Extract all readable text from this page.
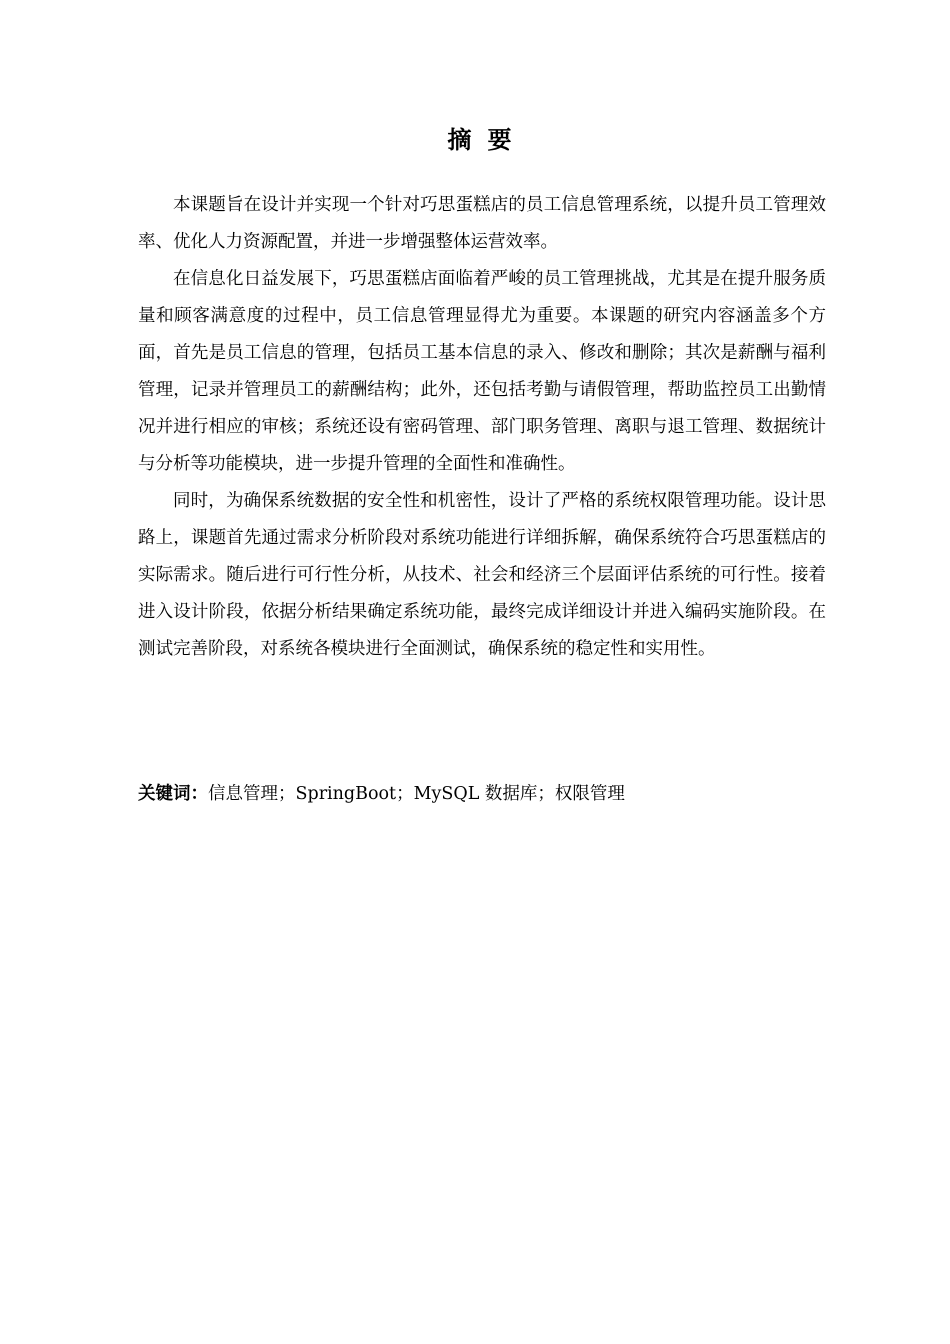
摘要

本课题旨在设计并实现一个针对巧思蛋糕店的员工信息管理系统，以提升员工管理效率、优化人力资源配置，并进一步增强整体运营效率。

在信息化日益发展下，巧思蛋糕店面临着严峻的员工管理挑战，尤其是在提升服务质量和顾客满意度的过程中，员工信息管理显得尤为重要。本课题的研究内容涵盖多个方面，首先是员工信息的管理，包括员工基本信息的录入、修改和删除；其次是薪酬与福利管理，记录并管理员工的薪酬结构；此外，还包括考勤与请假管理，帮助监控员工出勤情况并进行相应的审核；系统还设有密码管理、部门职务管理、离职与退工管理、数据统计与分析等功能模块，进一步提升管理的全面性和准确性。

同时，为确保系统数据的安全性和机密性，设计了严格的系统权限管理功能。设计思路上，课题首先通过需求分析阶段对系统功能进行详细拆解，确保系统符合巧思蛋糕店的实际需求。随后进行可行性分析，从技术、社会和经济三个层面评估系统的可行性。接着进入设计阶段，依据分析结果确定系统功能，最终完成详细设计并进入编码实施阶段。在测试完善阶段，对系统各模块进行全面测试，确保系统的稳定性和实用性。

关键词：信息管理；SpringBoot；MySQL 数据库；权限管理
